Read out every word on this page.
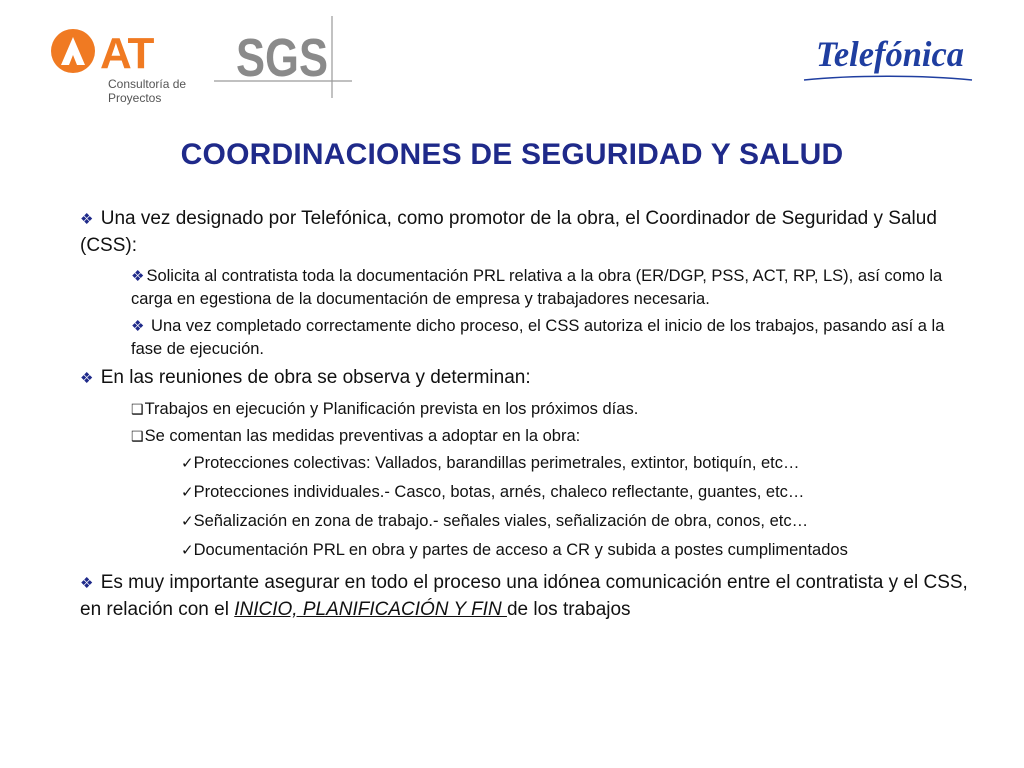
AT
Consultoría de
Proyectos
SGS	Telefónica
COORDINACIONES DE SEGURIDAD Y SALUD

❖ Una vez designado por Telefónica, como promotor de la obra, el Coordinador de Seguridad y Salud (CSS):

❖ Solicita al contratista toda la documentación PRL relativa a la obra (ER/DGP, PSS, ACT, RP, LS), así como la carga en egestiona de la documentación de empresa y trabajadores necesaria.

❖ Una vez completado correctamente dicho proceso, el CSS autoriza el inicio de los trabajos, pasando así a la fase de ejecución.

❖ En las reuniones de obra se observa y determinan:

❑Trabajos en ejecución y Planificación prevista en los próximos días.

❑Se comentan las medidas preventivas a adoptar en la obra:

✓Protecciones colectivas: Vallados, barandillas perimetrales, extintor, botiquín, etc…

✓Protecciones individuales.- Casco, botas, arnés, chaleco reflectante, guantes, etc…

✓Señalización en zona de trabajo.- señales viales, señalización de obra, conos, etc…

✓Documentación PRL en obra y partes de acceso a CR y subida a postes cumplimentados

❖ Es muy importante asegurar en todo el proceso una idónea comunicación entre el contratista y el CSS, en relación con el INICIO, PLANIFICACIÓN Y FIN de los trabajos
